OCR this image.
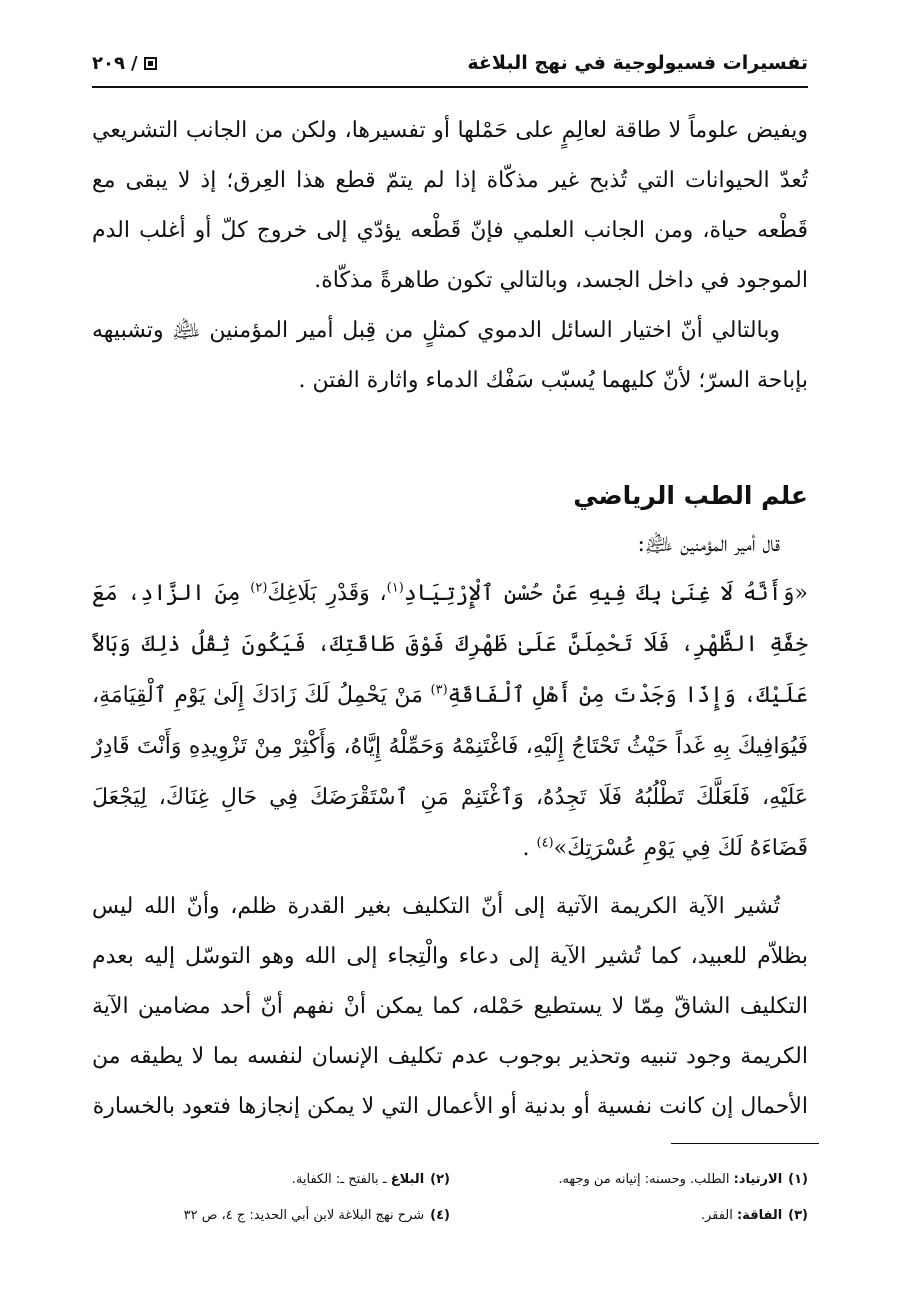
تفسيرات فسيولوجية في نهج البلاغة
/
٢٠٩

ويفيض علوماً لا طاقة لعالِمٍ على حَمْلها أو تفسيرها، ولكن من الجانب التشريعي تُعدّ الحيوانات التي تُذبح غير مذكّاة إذا لم يتمّ قطع هذا العِرق؛ إذ لا يبقى مع قَطْعه حياة، ومن الجانب العلمي فإنّ قَطْعه يؤدّي إلى خروج كلّ أو أغلب الدم الموجود في داخل الجسد، وبالتالي تكون طاهرةً مذكّاة.

وبالتالي أنّ اختيار السائل الدموي كمثلٍ من قِبل أمير المؤمنين ﵇ وتشبيهه بإباحة السرّ؛ لأنّ كليهما يُسبّب سَفْك الدماء واثارة الفتن .

علم الطب الرياضي

قال أمير المؤمنين ﵇:

«وَأَنَّهُ لَا غِنَىٰ بِكَ فِيهِ عَنْ حُسْنِ ٱلْإِرْتِيَادِ$^{(١)}$، وَقَدْرِ بَلَاغِكَ$^{(٢)}$ مِنَ الزَّادِ، مَعَ خِفَّةِ الظَّهْرِ، فَلَا تَحْمِلَنَّ عَلَىٰ ظَهْرِكَ فَوْقَ طَاقَتِكَ، فَيَكُونَ ثِقْلُ ذٰلِكَ وَبَالاً عَلَيْكَ، وَإِذَا وَجَدْتَ مِنْ أَهْلِ ٱلْفَاقَةِ$^{(٣)}$ مَنْ يَحْمِلُ لَكَ زَادَكَ إِلَىٰ يَوْمِ ٱلْقِيَامَةِ، فَيُوَافِيكَ بِهِ غَداً حَيْثُ تَحْتَاجُ إِلَيْهِ، فَاغْتَنِمْهُ وَحَمِّلْهُ إِيَّاهُ، وَأَكْثِرْ مِنْ تَزْوِيدِهِ وَأَنْتَ قَادِرٌ عَلَيْهِ، فَلَعَلَّكَ تَطْلُبُهُ فَلَا تَجِدُهُ، وَٱغْتَنِمْ مَنِ ٱسْتَقْرَضَكَ فِي حَالِ غِنَاكَ، لِيَجْعَلَ قَضَاءَهُ لَكَ فِي يَوْمِ عُسْرَتِكَ»$^{(٤)}$ .

تُشير الآية الكريمة الآتية إلى أنّ التكليف بغير القدرة ظلم، وأنّ الله ليس بظلاّم للعبيد، كما تُشير الآية إلى دعاء والْتِجاء إلى الله وهو التوسّل إليه بعدم التكليف الشاقّ مِمّا لا يستطيع حَمْله، كما يمكن أنْ نفهم أنّ أحد مضامين الآية الكريمة وجود تنبيه وتحذير بوجوب عدم تكليف الإنسان لنفسه بما لا يطيقه من الأحمال إن كانت نفسية أو بدنية أو الأعمال التي لا يمكن إنجازها فتعود بالخسارة

(١)الارتياد: الطلب. وحسنه: إتيانه من وجهه.
(٢)البلاغ ـ بالفتح ـ: الكفاية.
(٣)الفاقة: الفقر.
(٤)شرح نهج البلاغة لابن أبي الحديد: ج ٤، ص ٣٢
